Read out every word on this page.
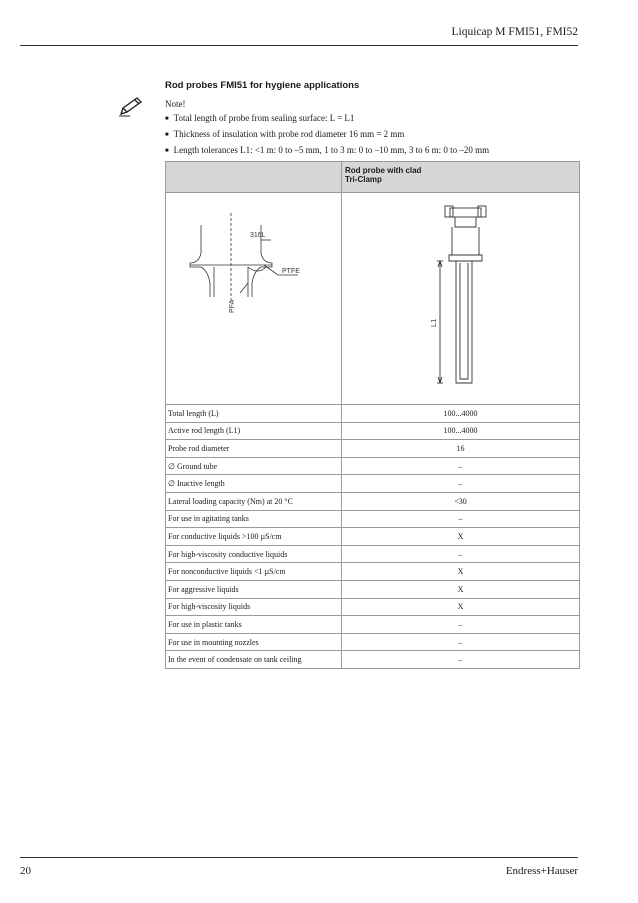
Liquicap M FMI51, FMI52
Rod probes FMI51 for hygiene applications
Note!
■ Total length of probe from sealing surface: L = L1
■ Thickness of insulation with probe rod diameter 16 mm = 2 mm
■ Length tolerances L1: <1 m: 0 to –5 mm, 1 to 3 m: 0 to –10 mm, 3 to 6 m: 0 to –20 mm

	Rod probe with clad
Tri-Clamp

316L
PTFE
PFA	L1

Total length (L)	100...4000
Active rod length (L1)	100...4000
Probe rod diameter	16
∅ Ground tube	–
∅ Inactive length	–
Lateral loading capacity (Nm) at 20 °C	<30
For use in agitating tanks	–
For conductive liquids >100 µS/cm	X
For high-viscosity conductive liquids	–
For nonconductive liquids <1 µS/cm	X
For aggressive liquids	X
For high-viscosity liquids	X
For use in plastic tanks	–
For use in mounting nozzles	–
In the event of condensate on tank ceiling	–
20	Endress+Hauser
